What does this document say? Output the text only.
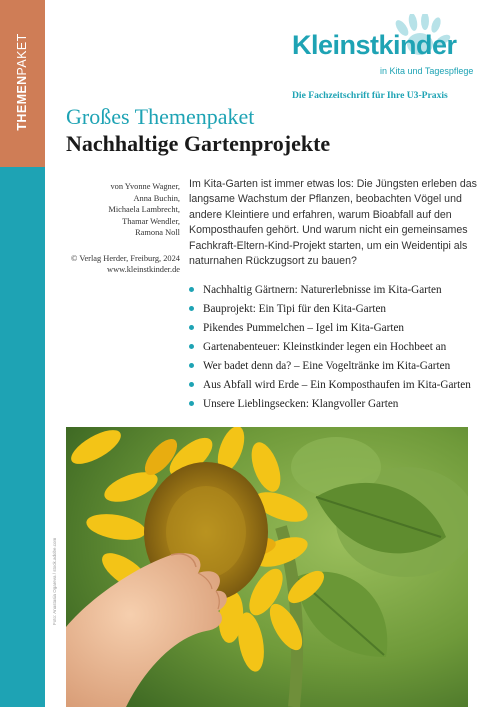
THEMENPAKET	Kleinstkinder
in Kita und Tagespflege
Die Fachzeitschrift für Ihre U3-Praxis
Großes Themenpaket
Nachhaltige Gartenprojekte
von Yvonne Wagner,
Anna Buchin,
Michaela Lambrecht,
Thamar Wendler,
Ramona Noll
© Verlag Herder, Freiburg, 2024
www.kleinstkinder.de

Im Kita-Garten ist immer etwas los: Die Jüngsten erleben das langsame Wachstum der Pflanzen, beobachten Vögel und andere Kleintiere und erfahren, warum Bioabfall auf den Komposthaufen gehört. Und warum nicht ein gemeinsames Fachkraft-Eltern-Kind-Projekt starten, um ein Weidentipi als naturnahen Rückzugsort zu bauen?

Nachhaltig Gärtnern: Naturerlebnisse im Kita-Garten
Bauprojekt: Ein Tipi für den Kita-Garten
Pikendes Pummelchen – Igel im Kita-Garten
Gartenabenteuer: Kleinstkinder legen ein Hochbeet an
Wer badet denn da? – Eine Vogeltränke im Kita-Garten
Aus Abfall wird Erde – Ein Komposthaufen im Kita-Garten
Unsere Lieblingsecken: Klangvoller Garten
Foto: Anastasia Ogareva / stock.adobe.com
